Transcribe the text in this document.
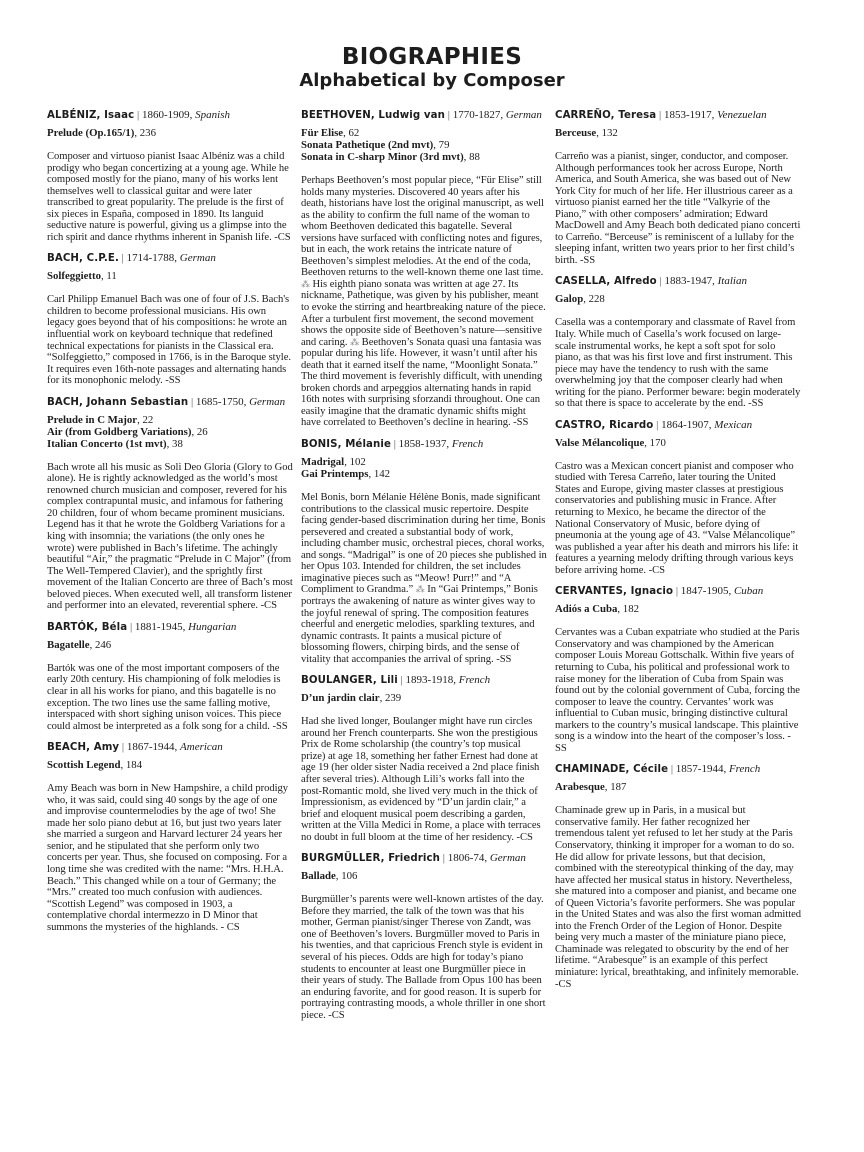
BIOGRAPHIES
Alphabetical by Composer
ALBÉNIZ, Isaac | 1860-1909, Spanish
Prelude (Op.165/1), 236

Composer and virtuoso pianist Isaac Albéniz was a child prodigy who began concertizing at a young age. While he composed mostly for the piano, many of his works lent themselves well to classical guitar and were later transcribed to great popularity. The prelude is the first of six pieces in España, composed in 1890. Its languid seductive nature is powerful, giving us a glimpse into the rich spirit and dance rhythms inherent in Spanish life. -CS

BACH, C.P.E. | 1714-1788, German
Solfeggietto, 11

Carl Philipp Emanuel Bach was one of four of J.S. Bach's children to become professional musicians. His own legacy goes beyond that of his compositions: he wrote an influential work on keyboard technique that redefined technical expectations for pianists in the Classical era. “Solfeggietto,” composed in 1766, is in the Baroque style. It requires even 16th-note passages and alternating hands for its monophonic melody. -SS

BACH, Johann Sebastian | 1685-1750, German
Prelude in C Major, 22
Air (from Goldberg Variations), 26
Italian Concerto (1st mvt), 38

Bach wrote all his music as Soli Deo Gloria (Glory to God alone). He is rightly acknowledged as the world’s most renowned church musician and composer, revered for his complex contrapuntal music, and infamous for fathering 20 children, four of whom became prominent musicians. Legend has it that he wrote the Goldberg Variations for a king with insomnia; the variations (the only ones he wrote) were published in Bach’s lifetime. The achingly beautiful “Air,” the pragmatic “Prelude in C Major” (from The Well-Tempered Clavier), and the sprightly first movement of the Italian Concerto are three of Bach’s most beloved pieces. When executed well, all transform listener and performer into an elevated, reverential sphere. -CS

BARTÓK, Béla | 1881-1945, Hungarian
Bagatelle, 246

Bartók was one of the most important composers of the early 20th century. His championing of folk melodies is clear in all his works for piano, and this bagatelle is no exception. The two lines use the same falling motive, interspaced with short sighing unison voices. This piece could almost be interpreted as a folk song for a child. -SS

BEACH, Amy | 1867-1944, American
Scottish Legend, 184

Amy Beach was born in New Hampshire, a child prodigy who, it was said, could sing 40 songs by the age of one and improvise countermelodies by the age of two! She made her solo piano debut at 16, but just two years later she married a surgeon and Harvard lecturer 24 years her senior, and he stipulated that she perform only two concerts per year. Thus, she focused on composing. For a long time she was credited with the name: “Mrs. H.H.A. Beach.” This changed while on a tour of Germany; the “Mrs.” created too much confusion with audiences. “Scottish Legend” was composed in 1903, a contemplative chordal intermezzo in D Minor that summons the mysteries of the highlands. - CS

BEETHOVEN, Ludwig van | 1770-1827, German
Für Elise, 62
Sonata Pathetique (2nd mvt), 79
Sonata in C-sharp Minor (3rd mvt), 88

Perhaps Beethoven’s most popular piece, “Für Elise” still holds many mysteries. Discovered 40 years after his death, historians have lost the original manuscript, as well as the ability to confirm the full name of the woman to whom Beethoven dedicated this bagatelle. Several versions have surfaced with conflicting notes and figures, but in each, the work retains the intricate nature of Beethoven’s simplest melodies. At the end of the coda, Beethoven returns to the well-known theme one last time. ⁂ His eighth piano sonata was written at age 27. Its nickname, Pathetique, was given by his publisher, meant to evoke the stirring and heartbreaking nature of the piece. After a turbulent first movement, the second movement shows the opposite side of Beethoven’s nature—sensitive and caring. ⁂ Beethoven’s Sonata quasi una fantasia was popular during his life. However, it wasn’t until after his death that it earned itself the name, “Moonlight Sonata.” The third movement is feverishly difficult, with unending broken chords and arpeggios alternating hands in rapid 16th notes with surprising sforzandi throughout. One can easily imagine that the dramatic dynamic shifts might have correlated to Beethoven’s decline in hearing. -SS

BONIS, Mélanie | 1858-1937, French
Madrigal, 102
Gai Printemps, 142

Mel Bonis, born Mélanie Hélène Bonis, made significant contributions to the classical music repertoire. Despite facing gender-based discrimination during her time, Bonis persevered and created a substantial body of work, including chamber music, orchestral pieces, choral works, and songs. “Madrigal” is one of 20 pieces she published in her Opus 103. Intended for children, the set includes imaginative pieces such as “Meow! Purr!” and “A Compliment to Grandma.” ⁂ In “Gai Printemps,” Bonis portrays the awakening of nature as winter gives way to the joyful renewal of spring. The composition features cheerful and energetic melodies, sparkling textures, and dynamic contrasts. It paints a musical picture of blossoming flowers, chirping birds, and the sense of vitality that accompanies the arrival of spring. -SS

BOULANGER, Lili | 1893-1918, French
D’un jardin clair, 239

Had she lived longer, Boulanger might have run circles around her French counterparts. She won the prestigious Prix de Rome scholarship (the country’s top musical prize) at age 18, something her father Ernest had done at age 19 (her older sister Nadia received a 2nd place finish after several tries). Although Lili’s works fall into the post-Romantic mold, she lived very much in the thick of Impressionism, as evidenced by “D’un jardin clair,” a brief and eloquent musical poem describing a garden, written at the Villa Medici in Rome, a place with terraces no doubt in full bloom at the time of her residency. -CS

BURGMÜLLER, Friedrich | 1806-74, German
Ballade, 106

Burgmüller’s parents were well-known artistes of the day. Before they married, the talk of the town was that his mother, German pianist/singer Therese von Zandt, was one of Beethoven’s lovers. Burgmüller moved to Paris in his twenties, and that capricious French style is evident in several of his pieces. Odds are high for today’s piano students to encounter at least one Burgmüller piece in their years of study. The Ballade from Opus 100 has been an enduring favorite, and for good reason. It is superb for portraying contrasting moods, a whole thriller in one short piece. -CS

CARREÑO, Teresa | 1853-1917, Venezuelan
Berceuse, 132

Carreño was a pianist, singer, conductor, and composer. Although performances took her across Europe, North America, and South America, she was based out of New York City for much of her life. Her illustrious career as a virtuoso pianist earned her the title “Valkyrie of the Piano,” with other composers’ admiration; Edward MacDowell and Amy Beach both dedicated piano concerti to Carreño. “Berceuse” is reminiscent of a lullaby for the sleeping infant, written two years prior to her first child’s birth. -SS

CASELLA, Alfredo | 1883-1947, Italian
Galop, 228

Casella was a contemporary and classmate of Ravel from Italy. While much of Casella’s work focused on large-scale instrumental works, he kept a soft spot for solo piano, as that was his first love and first instrument. This piece may have the tendency to rush with the same overwhelming joy that the composer clearly had when writing for the piano. Performer beware: begin moderately so that there is space to accelerate by the end. -SS

CASTRO, Ricardo | 1864-1907, Mexican
Valse Mélancolique, 170

Castro was a Mexican concert pianist and composer who studied with Teresa Carreño, later touring the United States and Europe, giving master classes at prestigious conservatories and publishing music in France. After returning to Mexico, he became the director of the National Conservatory of Music, before dying of pneumonia at the young age of 43. “Valse Mélancolique” was published a year after his death and mirrors his life: it features a yearning melody drifting through various keys before arriving home. -CS

CERVANTES, Ignacio | 1847-1905, Cuban
Adiós a Cuba, 182

Cervantes was a Cuban expatriate who studied at the Paris Conservatory and was championed by the American composer Louis Moreau Gottschalk. Within five years of returning to Cuba, his political and professional work to raise money for the liberation of Cuba from Spain was found out by the colonial government of Cuba, forcing the composer to leave the country. Cervantes’ work was influential to Cuban music, bringing distinctive cultural markers to the country’s musical landscape. This plaintive song is a window into the heart of the composer’s loss. -SS

CHAMINADE, Cécile | 1857-1944, French
Arabesque, 187

Chaminade grew up in Paris, in a musical but conservative family. Her father recognized her tremendous talent yet refused to let her study at the Paris Conservatory, thinking it improper for a woman to do so. He did allow for private lessons, but that decision, combined with the stereotypical thinking of the day, may have affected her musical status in history. Nevertheless, she matured into a composer and pianist, and became one of Queen Victoria’s favorite performers. She was popular in the United States and was also the first woman admitted into the French Order of the Legion of Honor. Despite being very much a master of the miniature piano piece, Chaminade was relegated to obscurity by the end of her lifetime. “Arabesque” is an example of this perfect miniature: lyrical, breathtaking, and infinitely memorable. -CS
